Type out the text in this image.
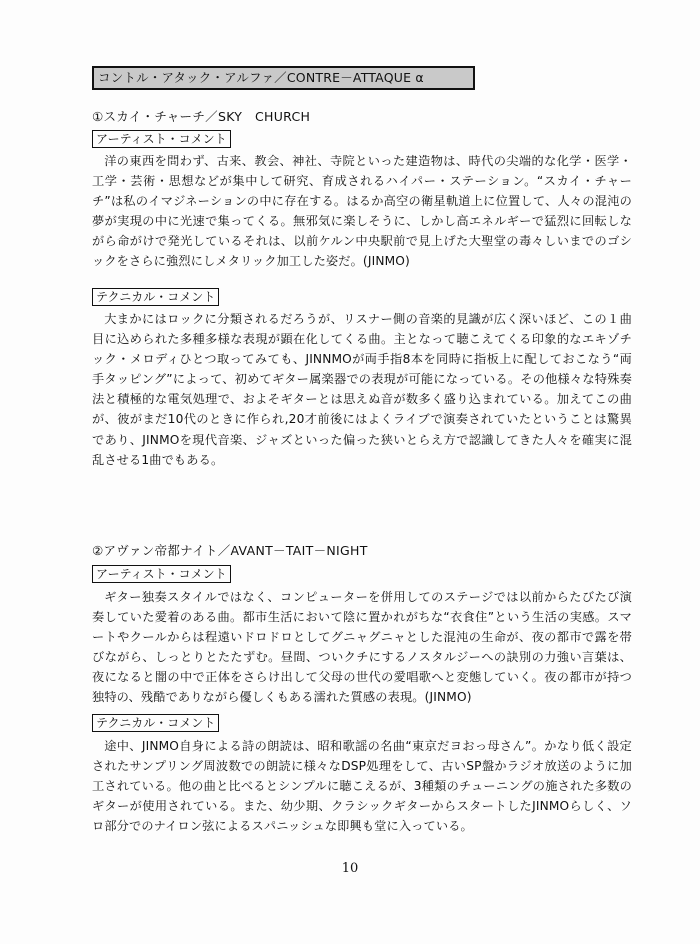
コントル・アタック・アルファ／CONTRE－ATTAQUE α
①スカイ・チャーチ／SKY　CHURCH
アーティスト・コメント
洋の東西を問わず、古来、教会、神社、寺院といった建造物は、時代の尖端的な化学・医学・工学・芸術・思想などが集中して研究、育成されるハイパー・ステーション。“スカイ・チャーチ”は私のイマジネーションの中に存在する。はるか高空の衛星軌道上に位置して、人々の混沌の夢が実現の中に光速で集ってくる。無邪気に楽しそうに、しかし高エネルギーで猛烈に回転しながら命がけで発光しているそれは、以前ケルン中央駅前で見上げた大聖堂の毒々しいまでのゴシックをさらに強烈にしメタリック加工した姿だ。(JINMO)
テクニカル・コメント
大まかにはロックに分類されるだろうが、リスナー側の音楽的見識が広く深いほど、この１曲目に込められた多種多様な表現が顕在化してくる曲。主となって聴こえてくる印象的なエキゾチック・メロディひとつ取ってみても、JINNMOが両手指8本を同時に指板上に配しておこなう“両手タッピング”によって、初めてギター属楽器での表現が可能になっている。その他様々な特殊奏法と積極的な電気処理で、およそギターとは思えぬ音が数多く盛り込まれている。加えてこの曲が、彼がまだ10代のときに作られ,20才前後にはよくライブで演奏されていたということは驚異であり、JINMOを現代音楽、ジャズといった偏った狭いとらえ方で認識してきた人々を確実に混乱させる1曲でもある。
②アヴァン帝都ナイト／AVANT－TAIT－NIGHT
アーティスト・コメント
ギター独奏スタイルではなく、コンピューターを併用してのステージでは以前からたびたび演奏していた愛着のある曲。都市生活において陰に置かれがちな“衣食住”という生活の実感。スマートやクールからは程遠いドロドロとしてグニャグニャとした混沌の生命が、夜の都市で露を帯びながら、しっとりとたたずむ。昼間、ついクチにするノスタルジーへの訣別の力強い言葉は、夜になると闇の中で正体をさらけ出して父母の世代の愛唱歌へと変態していく。夜の都市が持つ独特の、残酷でありながら優しくもある濡れた質感の表現。(JINMO)
テクニカル・コメント
途中、JINMO自身による詩の朗読は、昭和歌謡の名曲“東京だヨおっ母さん”。かなり低く設定されたサンプリング周波数での朗読に様々なDSP処理をして、古いSP盤かラジオ放送のように加工されている。他の曲と比べるとシンプルに聴こえるが、3種類のチューニングの施された多数のギターが使用されている。また、幼少期、クラシックギターからスタートしたJINMOらしく、ソロ部分でのナイロン弦によるスパニッシュな即興も堂に入っている。
10
